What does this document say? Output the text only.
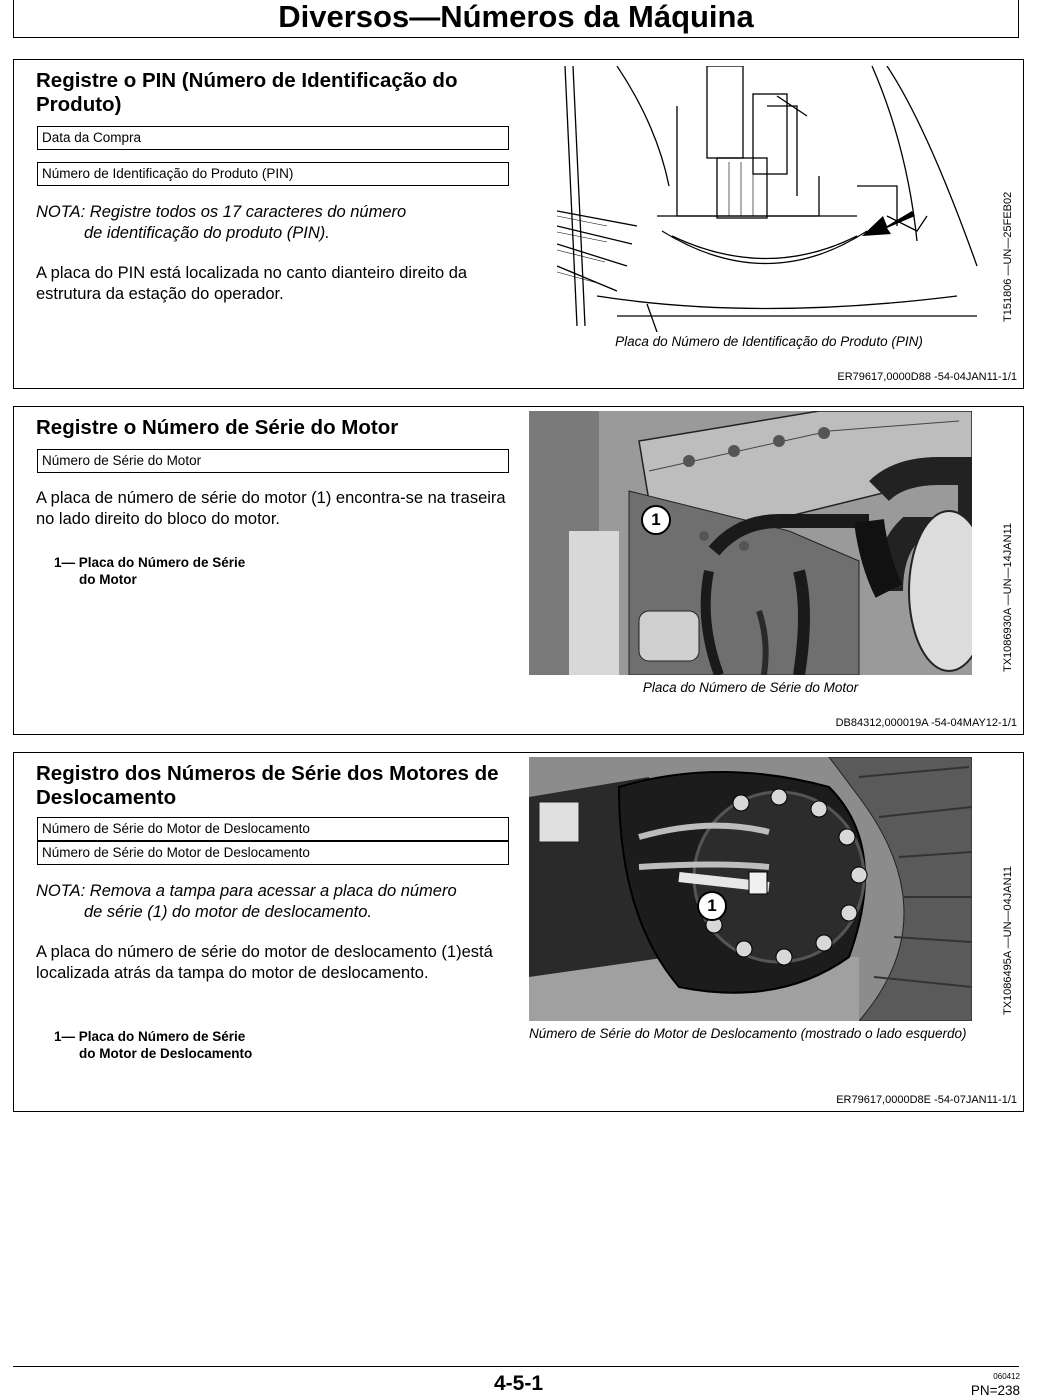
Diversos—Números da Máquina
Registre o PIN (Número de Identificação do Produto)
Data da Compra
Número de Identificação do Produto (PIN)
NOTA: Registre todos os 17 caracteres do número
de identificação do produto (PIN).
A placa do PIN está localizada no canto dianteiro direito da estrutura da estação do operador.	T151806 —UN—25FEB02
Placa do Número de Identificação do Produto (PIN)
ER79617,0000D88 -54-04JAN11-1/1
Registre o Número de Série do Motor
Número de Série do Motor
A placa de número de série do motor (1) encontra-se na traseira no lado direito do bloco do motor.
1— Placa do Número de Série
do Motor
1
TX1086930A —UN—14JAN11
Placa do Número de Série do Motor
DB84312,000019A -54-04MAY12-1/1
Registro dos Números de Série dos Motores de Deslocamento
Número de Série do Motor de Deslocamento
Número de Série do Motor de Deslocamento
NOTA: Remova a tampa para acessar a placa do número
de série (1) do motor de deslocamento.
A placa do número de série do motor de deslocamento (1)está localizada atrás da tampa do motor de deslocamento.
1— Placa do Número de Série
do Motor de Deslocamento
1	TX1086495A —UN—04JAN11
Número de Série do Motor de Deslocamento (mostrado o lado esquerdo)
ER79617,0000D8E -54-07JAN11-1/1
4-5-1	060412
PN=238
